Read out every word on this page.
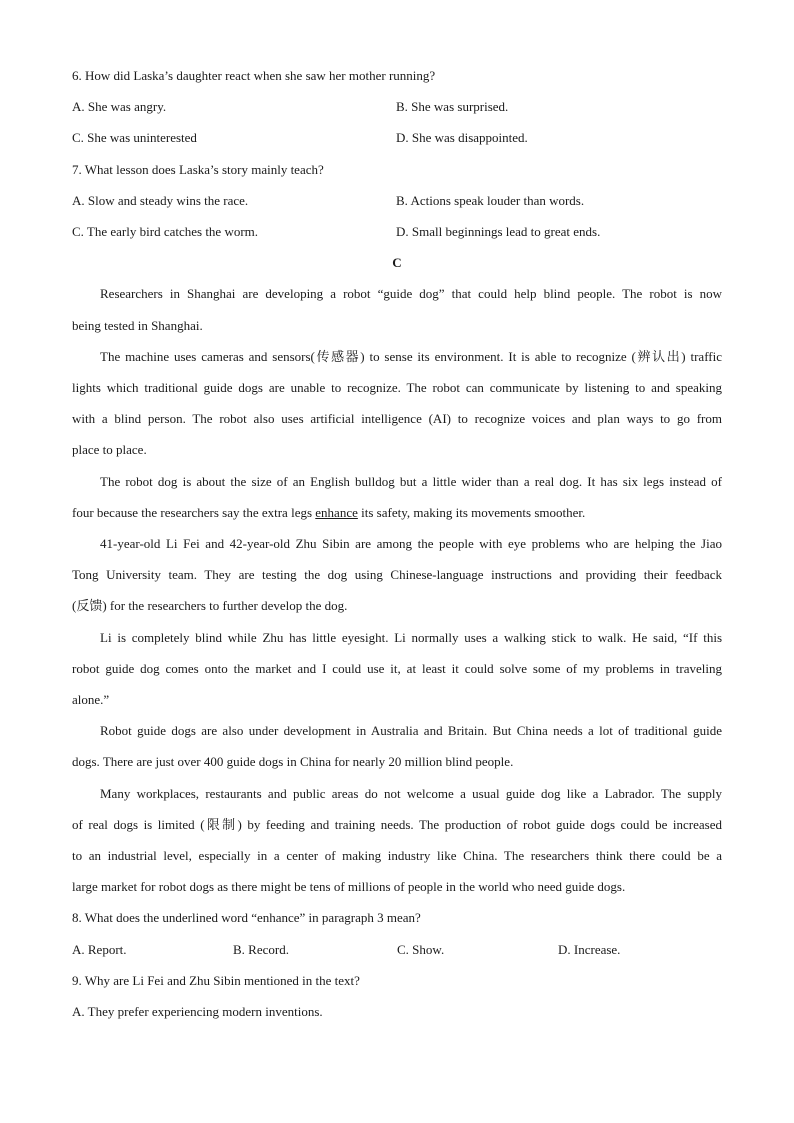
6. How did Laska’s daughter react when she saw her mother running?
A. She was angry.	B. She was surprised.
C. She was uninterested	D. She was disappointed.
7. What lesson does Laska’s story mainly teach?
A. Slow and steady wins the race.	B. Actions speak louder than words.
C. The early bird catches the worm.	D. Small beginnings lead to great ends.
C
Researchers in Shanghai are developing a robot “guide dog” that could help blind people. The robot is now
being tested in Shanghai.
The machine uses cameras and sensors(传感器) to sense its environment. It is able to recognize (辨认出) traffic
lights which traditional guide dogs are unable to recognize. The robot can communicate by listening to and speaking
with a blind person. The robot also uses artificial intelligence (AI) to recognize voices and plan ways to go from
place to place.
The robot dog is about the size of an English bulldog but a little wider than a real dog. It has six legs instead of
four because the researchers say the extra legs enhance its safety, making its movements smoother.
41-year-old Li Fei and 42-year-old Zhu Sibin are among the people with eye problems who are helping the Jiao
Tong University team. They are testing the dog using Chinese-language instructions and providing their feedback
(反馈) for the researchers to further develop the dog.
Li is completely blind while Zhu has little eyesight. Li normally uses a walking stick to walk. He said, “If this
robot guide dog comes onto the market and I could use it, at least it could solve some of my problems in traveling
alone.”
Robot guide dogs are also under development in Australia and Britain. But China needs a lot of traditional guide
dogs. There are just over 400 guide dogs in China for nearly 20 million blind people.
Many workplaces, restaurants and public areas do not welcome a usual guide dog like a Labrador. The supply
of real dogs is limited (限制) by feeding and training needs. The production of robot guide dogs could be increased
to an industrial level, especially in a center of making industry like China. The researchers think there could be a
large market for robot dogs as there might be tens of millions of people in the world who need guide dogs.
8. What does the underlined word “enhance” in paragraph 3 mean?
A. Report.	B. Record.	C. Show.	D. Increase.
9. Why are Li Fei and Zhu Sibin mentioned in the text?
A. They prefer experiencing modern inventions.
